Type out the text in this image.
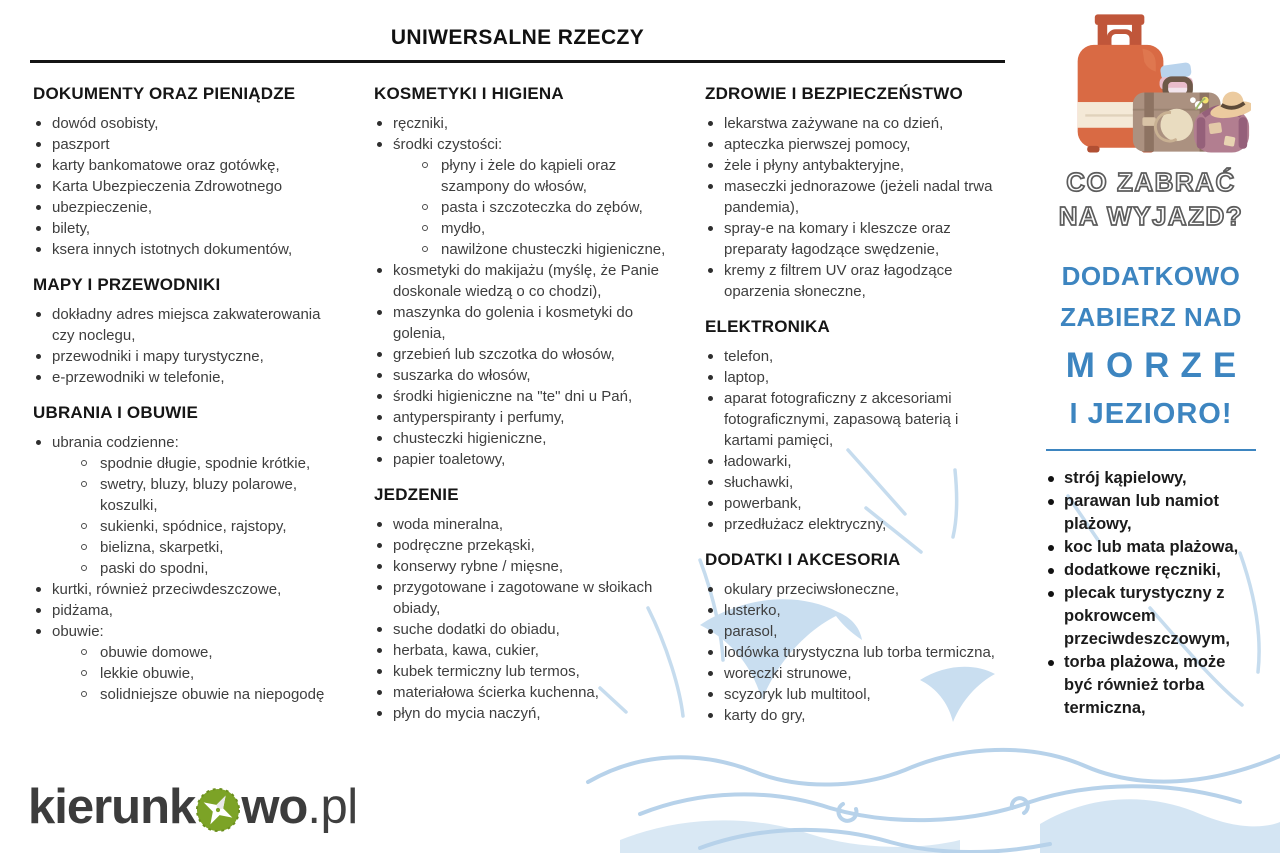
UNIWERSALNE RZECZY
DOKUMENTY ORAZ PIENIĄDZE
dowód osobisty,
paszport
karty bankomatowe oraz gotówkę,
Karta Ubezpieczenia Zdrowotnego
ubezpieczenie,
bilety,
ksera innych istotnych dokumentów,
MAPY I PRZEWODNIKI
dokładny adres miejsca zakwaterowania czy noclegu,
przewodniki i mapy turystyczne,
e-przewodniki w telefonie,
UBRANIA I OBUWIE
ubrania codzienne:
spodnie długie, spodnie krótkie,
swetry, bluzy, bluzy polarowe, koszulki,
sukienki, spódnice, rajstopy,
bielizna, skarpetki,
paski do spodni,
kurtki, również przeciwdeszczowe,
pidżama,
obuwie:
obuwie domowe,
lekkie obuwie,
solidniejsze obuwie na niepogodę
KOSMETYKI I HIGIENA
ręczniki,
środki czystości:
płyny i żele do kąpieli oraz szampony do włosów,
pasta i szczoteczka do zębów,
mydło,
nawilżone chusteczki higieniczne,
kosmetyki do makijażu (myślę, że Panie doskonale wiedzą o co chodzi),
maszynka do golenia i kosmetyki do golenia,
grzebień lub szczotka do włosów,
suszarka do włosów,
środki higieniczne na "te" dni u Pań,
antyperspiranty i perfumy,
chusteczki higieniczne,
papier toaletowy,
JEDZENIE
woda mineralna,
podręczne przekąski,
konserwy rybne / mięsne,
przygotowane i zagotowane w słoikach obiady,
suche dodatki do obiadu,
herbata, kawa, cukier,
kubek termiczny lub termos,
materiałowa ścierka kuchenna,
płyn do mycia naczyń,
ZDROWIE I BEZPIECZEŃSTWO
lekarstwa zażywane na co dzień,
apteczka pierwszej pomocy,
żele i płyny antybakteryjne,
maseczki jednorazowe (jeżeli nadal trwa pandemia),
spray-e na komary i kleszcze oraz preparaty łagodzące swędzenie,
kremy z filtrem UV oraz łagodzące oparzenia słoneczne,
ELEKTRONIKA
telefon,
laptop,
aparat fotograficzny z akcesoriami fotograficznymi, zapasową baterią i kartami pamięci,
ładowarki,
słuchawki,
powerbank,
przedłużacz elektryczny,
DODATKI I AKCESORIA
okulary przeciwsłoneczne,
lusterko,
parasol,
lodówka turystyczna lub torba termiczna,
woreczki strunowe,
scyzoryk lub multitool,
karty do gry,
CO ZABRAĆ
NA WYJAZD?
DODATKOWO
ZABIERZ NAD
MORZE
I JEZIORO!
strój kąpielowy,
parawan lub namiot plażowy,
koc lub mata plażowa,
dodatkowe ręczniki,
plecak turystyczny z pokrowcem przeciwdeszczowym,
torba plażowa, może być również torba termiczna,
kierunk wo .pl
